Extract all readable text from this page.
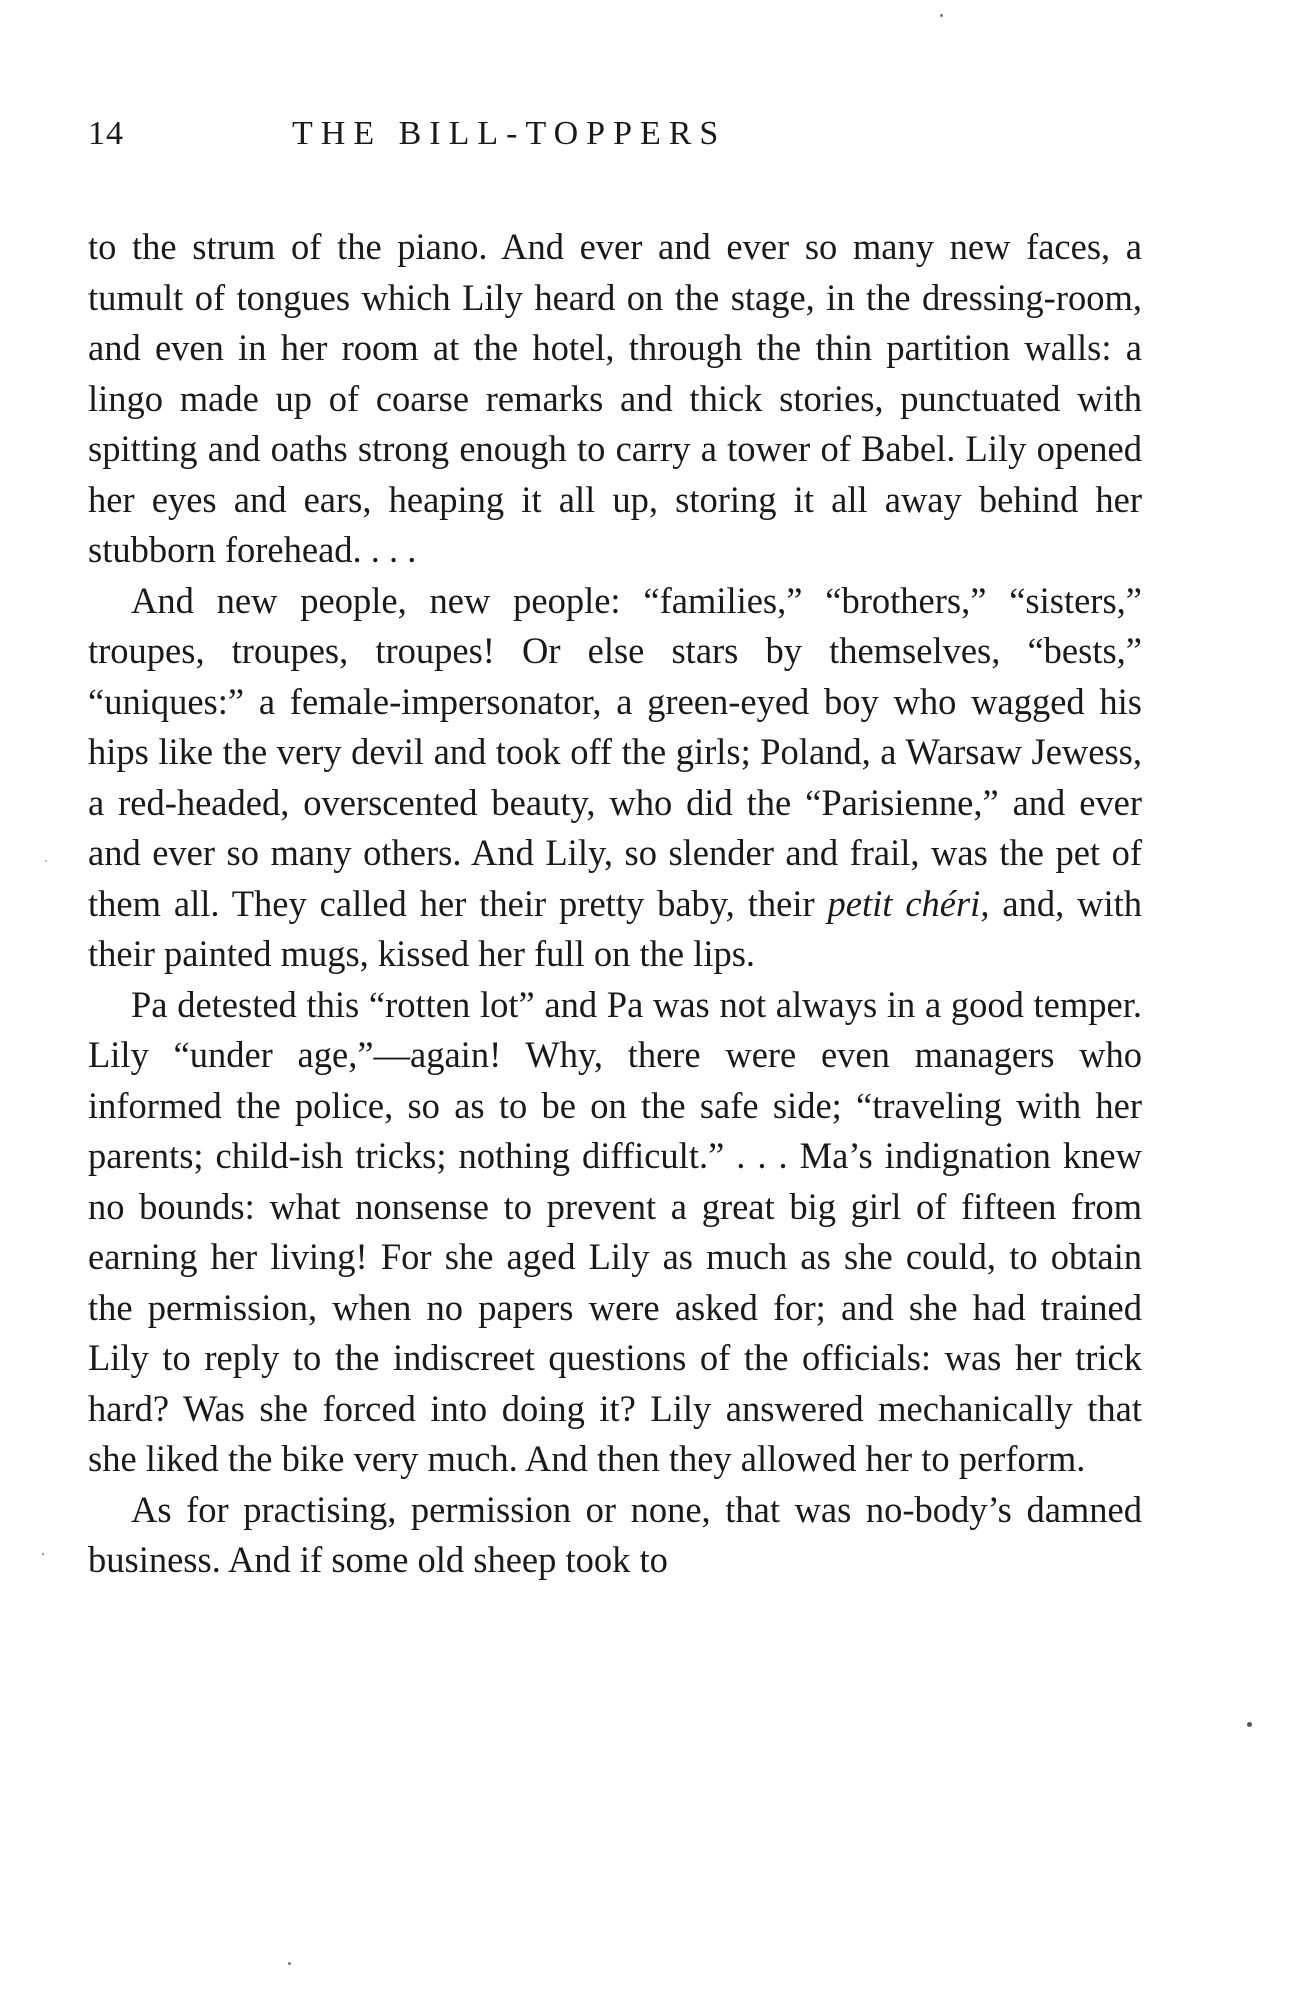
14	THE BILL-TOPPERS

to the strum of the piano. And ever and ever so many new faces, a tumult of tongues which Lily heard on the stage, in the dressing-room, and even in her room at the hotel, through the thin partition walls: a lingo made up of coarse remarks and thick stories, punctuated with spitting and oaths strong enough to carry a tower of Babel. Lily opened her eyes and ears, heaping it all up, storing it all away behind her stubborn forehead. . . .

And new people, new people: “families,” “brothers,” “sisters,” troupes, troupes, troupes! Or else stars by themselves, “bests,” “uniques:” a female-impersonator, a green-eyed boy who wagged his hips like the very devil and took off the girls; Poland, a Warsaw Jewess, a red-headed, overscented beauty, who did the “Parisienne,” and ever and ever so many others. And Lily, so slender and frail, was the pet of them all. They called her their pretty baby, their petit chéri, and, with their painted mugs, kissed her full on the lips.

Pa detested this “rotten lot” and Pa was not always in a good temper. Lily “under age,”—again! Why, there were even managers who informed the police, so as to be on the safe side; “traveling with her parents; child-ish tricks; nothing difficult.” . . . Ma’s indignation knew no bounds: what nonsense to prevent a great big girl of fifteen from earning her living! For she aged Lily as much as she could, to obtain the permission, when no papers were asked for; and she had trained Lily to reply to the indiscreet questions of the officials: was her trick hard? Was she forced into doing it? Lily answered mechanically that she liked the bike very much. And then they allowed her to perform.

As for practising, permission or none, that was no-body’s damned business. And if some old sheep took to
